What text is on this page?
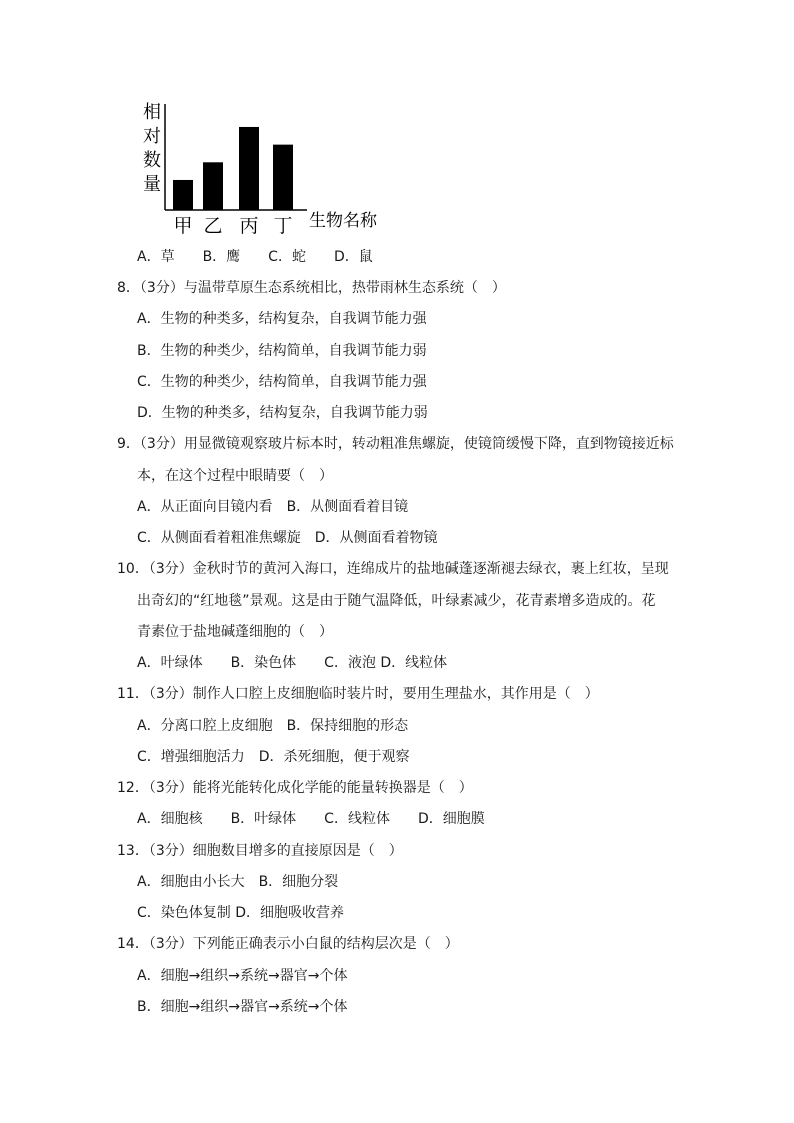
相
对
数
量
甲 乙 丙 丁 生物名称
A．草　　B．鹰　　C．蛇　　D．鼠
8．（3分）与温带草原生态系统相比，热带雨林生态系统（　）
A．生物的种类多，结构复杂，自我调节能力强
B．生物的种类少，结构简单，自我调节能力弱
C．生物的种类少，结构简单，自我调节能力强
D．生物的种类多，结构复杂，自我调节能力弱
9．（3分）用显微镜观察玻片标本时，转动粗准焦螺旋，使镜筒缓慢下降，直到物镜接近标
本，在这个过程中眼睛要（　）
A．从正面向目镜内看　B．从侧面看着目镜
C．从侧面看着粗准焦螺旋　D．从侧面看着物镜
10．（3分）金秋时节的黄河入海口，连绵成片的盐地碱蓬逐渐褪去绿衣，裹上红妆，呈现
出奇幻的“红地毯”景观。这是由于随气温降低，叶绿素减少，花青素增多造成的。花
青素位于盐地碱蓬细胞的（　）
A．叶绿体　　B．染色体　　C．液泡 D．线粒体
11．（3分）制作人口腔上皮细胞临时装片时，要用生理盐水，其作用是（　）
A．分离口腔上皮细胞　B．保持细胞的形态
C．增强细胞活力　D．杀死细胞，便于观察
12．（3分）能将光能转化成化学能的能量转换器是（　）
A．细胞核　　B．叶绿体　　C．线粒体　　D．细胞膜
13．（3分）细胞数目增多的直接原因是（　）
A．细胞由小长大　B．细胞分裂
C．染色体复制 D．细胞吸收营养
14．（3分）下列能正确表示小白鼠的结构层次是（　）
A．细胞→组织→系统→器官→个体
B．细胞→组织→器官→系统→个体
